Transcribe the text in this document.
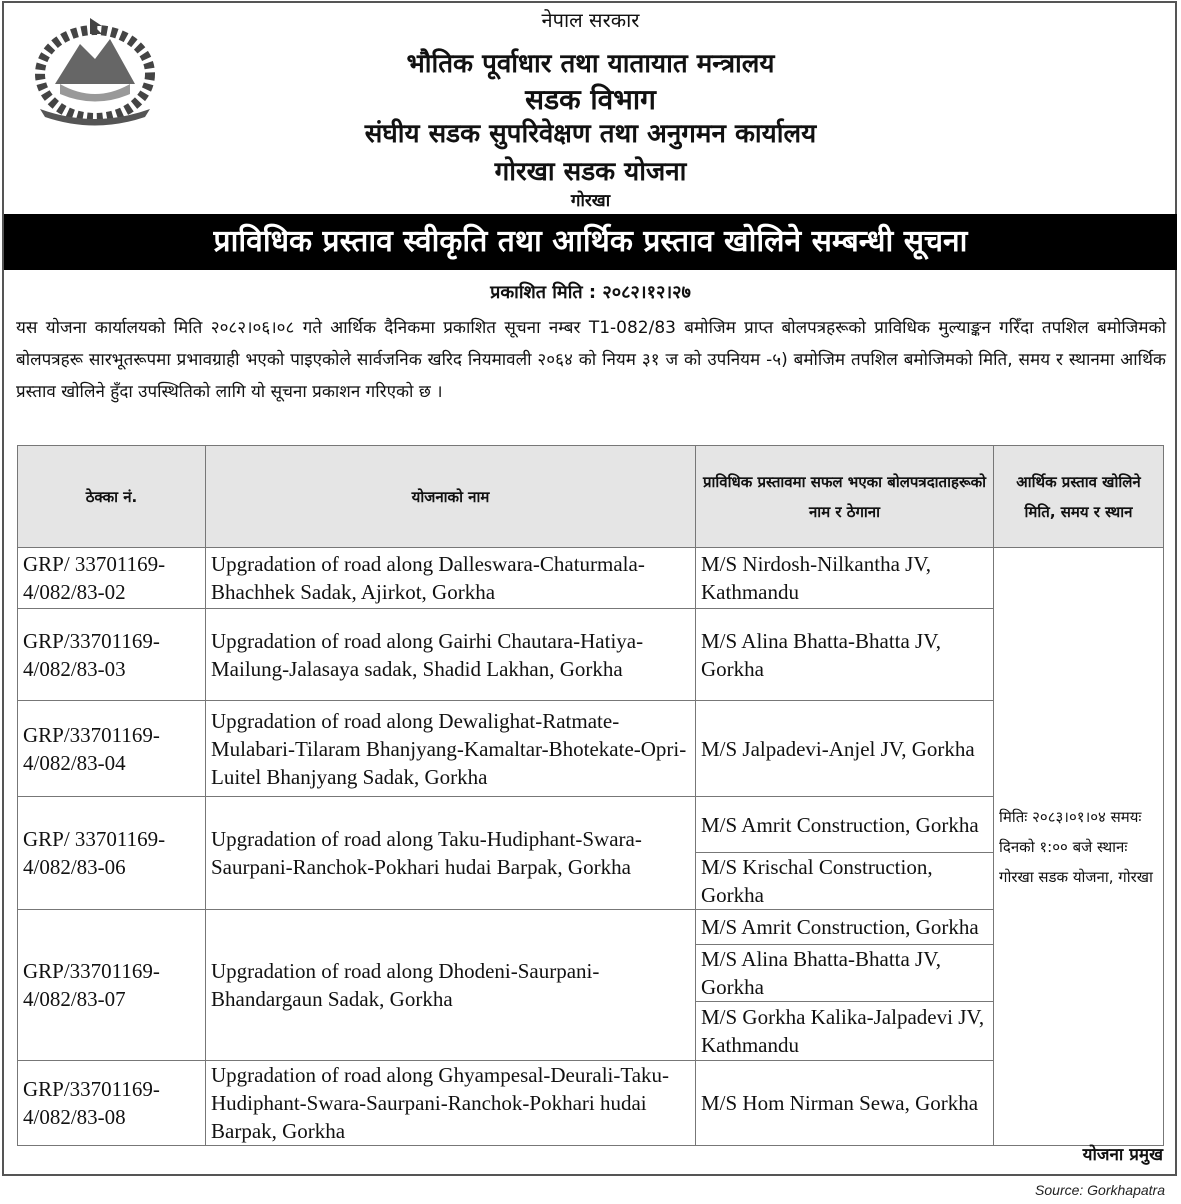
नेपाल सरकार
भौतिक पूर्वाधार तथा यातायात मन्त्रालय
सडक विभाग
संघीय सडक सुपरिवेक्षण तथा अनुगमन कार्यालय
गोरखा सडक योजना
गोरखा
प्राविधिक प्रस्ताव स्वीकृति तथा आर्थिक प्रस्ताव खोलिने सम्बन्धी सूचना
प्रकाशित मिति : २०८२।१२।२७
यस योजना कार्यालयको मिति २०८२।०६।०८ गते आर्थिक दैनिकमा प्रकाशित सूचना नम्बर T1-082/83 बमोजिम प्राप्त बोलपत्रहरूको प्राविधिक मुल्याङ्कन गरिँदा तपशिल बमोजिमको बोलपत्रहरू सारभूतरूपमा प्रभावग्राही भएको पाइएकोले सार्वजनिक खरिद नियमावली २०६४ को नियम ३१ ज को उपनियम -५) बमोजिम तपशिल बमोजिमको मिति, समय र स्थानमा आर्थिक प्रस्ताव खोलिने हुँदा उपस्थितिको लागि यो सूचना प्रकाशन गरिएको छ ।
ठेक्का नं.	योजनाको नाम	प्राविधिक प्रस्तावमा सफल भएका बोलपत्रदाताहरूको नाम र ठेगाना	आर्थिक प्रस्ताव खोलिने मिति, समय र स्थान
GRP/ 33701169-4/082/83-02	Upgradation of road along Dalleswara-Chaturmala-Bhachhek Sadak, Ajirkot, Gorkha	M/S Nirdosh-Nilkantha JV, Kathmandu	मितिः २०८३।०१।०४ समयः दिनको १:०० बजे स्थानः गोरखा सडक योजना, गोरखा
GRP/33701169-4/082/83-03	Upgradation of road along Gairhi Chautara-Hatiya-Mailung-Jalasaya sadak, Shadid Lakhan, Gorkha	M/S Alina Bhatta-Bhatta JV, Gorkha	
GRP/33701169-4/082/83-04	Upgradation of road along Dewalighat-Ratmate-Mulabari-Tilaram Bhanjyang-Kamaltar-Bhotekate-Opri-Luitel Bhanjyang Sadak, Gorkha	M/S Jalpadevi-Anjel JV, Gorkha	
GRP/ 33701169-4/082/83-06	Upgradation of road along Taku-Hudiphant-Swara-Saurpani-Ranchok-Pokhari hudai Barpak, Gorkha	M/S Amrit Construction, Gorkha	
		M/S Krischal Construction, Gorkha	
GRP/33701169-4/082/83-07	Upgradation of road along Dhodeni-Saurpani-Bhandargaun Sadak, Gorkha	M/S Amrit Construction, Gorkha	
		M/S Alina Bhatta-Bhatta JV, Gorkha	
		M/S Gorkha Kalika-Jalpadevi JV, Kathmandu	
GRP/33701169-4/082/83-08	Upgradation of road along Ghyampesal-Deurali-Taku-Hudiphant-Swara-Saurpani-Ranchok-Pokhari hudai Barpak, Gorkha	M/S Hom Nirman Sewa, Gorkha	
योजना प्रमुख
Source: Gorkhapatra
